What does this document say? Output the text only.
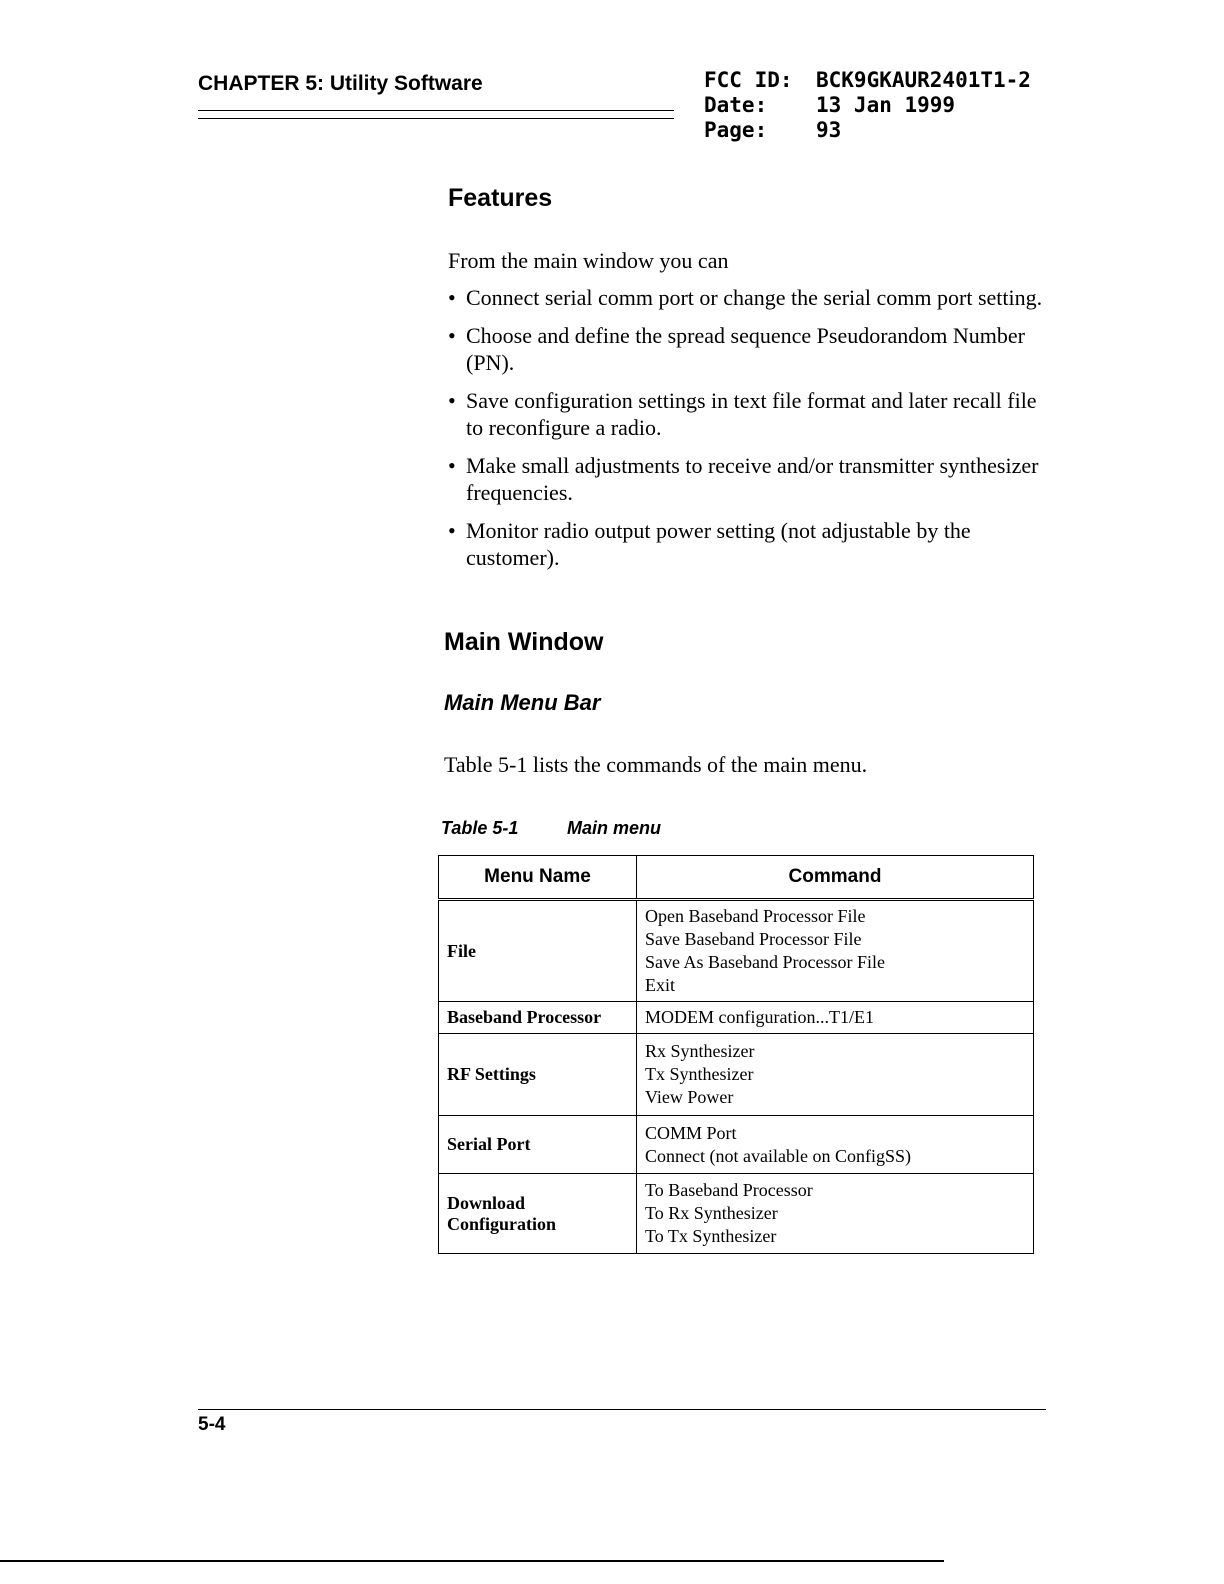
CHAPTER 5: Utility Software	FCC ID:	BCK9GKAUR2401T1-2
Date:	13 Jan 1999
Page:	93
Features
From the main window you can
• Connect serial comm port or change the serial comm port setting.
• Choose and define the spread sequence Pseudorandom Number (PN).
• Save configuration settings in text file format and later recall file to reconfigure a radio.
• Make small adjustments to receive and/or transmitter synthesizer frequencies.
• Monitor radio output power setting (not adjustable by the customer).
Main Window
Main Menu Bar
Table 5-1 lists the commands of the main menu.
Table 5-1	Main menu
Menu Name	Command
File	Open Baseband Processor File
Save Baseband Processor File
Save As Baseband Processor File
Exit

Baseband Processor	MODEM configuration...T1/E1

RF Settings	Rx Synthesizer
Tx Synthesizer
View Power

Serial Port	COMM Port
Connect (not available on ConfigSS)

Download Configuration	To Baseband Processor
To Rx Synthesizer
To Tx Synthesizer
5-4
